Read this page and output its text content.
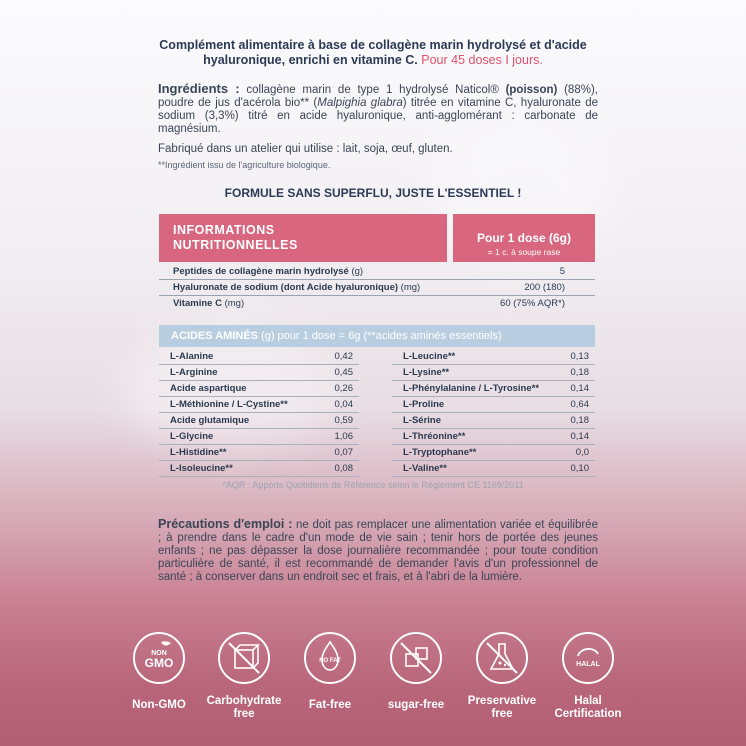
Complément alimentaire à base de collagène marin hydrolysé et d'acide
hyaluronique, enrichi en vitamine C. Pour 45 doses I jours.
Ingrédients : collagène marin de type 1 hydrolysé Naticol® (poisson) (88%), poudre de jus d'acérola bio** (Malpighia glabra) titrée en vitamine C, hyaluronate de sodium (3,3%) titré en acide hyaluronique, anti-agglomérant : carbonate de magnésium.
Fabriqué dans un atelier qui utilise : lait, soja, œuf, gluten.
**Ingrédient issu de l'agriculture biologique.
FORMULE SANS SUPERFLU, JUSTE L'ESSENTIEL !
INFORMATIONS
NUTRITIONNELLES	Pour 1 dose (6g)
= 1 c. à soupe rase
Peptides de collagène marin hydrolysé (g)	5
Hyaluronate de sodium (dont Acide hyaluronique) (mg)	200 (180)
Vitamine C (mg)	60 (75% AQR*)
ACIDES AMINÉS (g) pour 1 dose = 6g (**acides aminés essentiels)
L-Alanine	0,42
L-Arginine	0,45
Acide aspartique	0,26
L-Méthionine / L-Cystine**	0,04
Acide glutamique	0,59
L-Glycine	1,06
L-Histidine**	0,07
L-Isoleucine**	0,08
L-Leucine**	0,13
L-Lysine**	0,18
L-Phénylalanine / L-Tyrosine**	0,14
L-Proline	0,64
L-Sérine	0,18
L-Thréonine**	0,14
L-Tryptophane**	0,0
L-Valine**	0,10
*AQR : Apports Quotidiens de Référence selon le Règlement CE 1169/2011
Précautions d'emploi : ne doit pas remplacer une alimentation variée et équilibrée ; à prendre dans le cadre d'un mode de vie sain ; tenir hors de portée des jeunes enfants ; ne pas dépasser la dose journalière recommandée ; pour toute condition particulière de santé, il est recommandé de demander l'avis d'un professionnel de santé ; à conserver dans un endroit sec et frais, et à l'abri de la lumière.
NON
GMO	NO FAT	HALAL
Non-GMO	Carbohydrate
free
Fat-free	sugar-free	Preservative
free
Halal
Certification
